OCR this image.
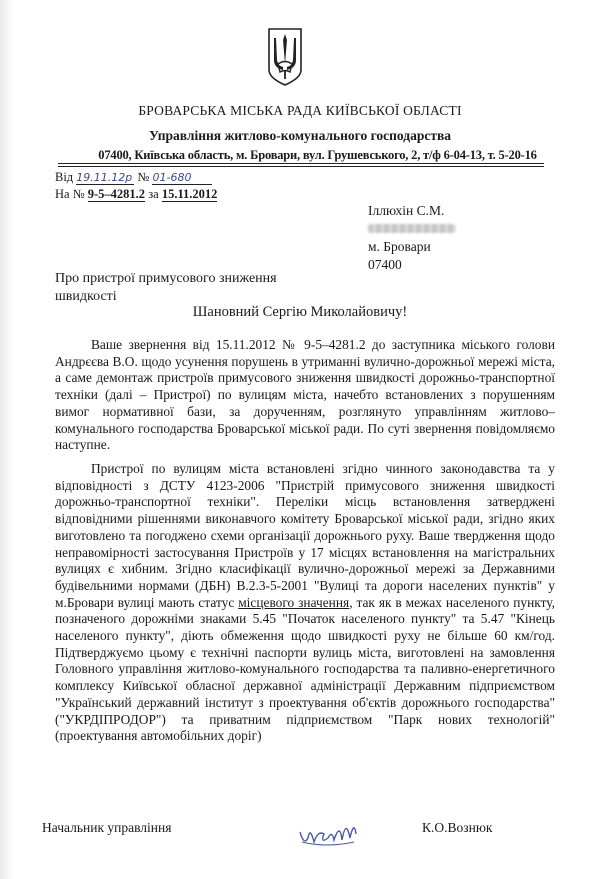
БРОВАРСЬКА МІСЬКА РАДА КИЇВСЬКОЇ ОБЛАСТІ
Управління житлово-комунального господарства
07400, Київська область, м. Бровари, вул. Грушевського, 2, т/ф 6-04-13, т. 5-20-16
Від 19.11.12р № 01-680
На № 9-5–4281.2 за 15.11.2012
Іллюхін С.М.
м. Бровари
07400
Про пристрої примусового зниження швидкості
Шановний Сергію Миколайовичу!

Ваше звернення від 15.11.2012 № 9-5–4281.2 до заступника міського голови Андрєєва В.О. щодо усунення порушень в утриманні вулично-дорожньої мережі міста, а саме демонтаж пристроїв примусового зниження швидкості дорожньо-транспортної техніки (далі – Пристрої) по вулицям міста, начебто встановлених з порушенням вимог нормативної бази, за дорученням, розглянуто управлінням житлово–комунального господарства Броварської міської ради. По суті звернення повідомляємо наступне.

Пристрої по вулицям міста встановлені згідно чинного законодавства та у відповідності з ДСТУ 4123-2006 "Пристрій примусового зниження швидкості дорожньо-транспортної техніки". Переліки місць встановлення затверджені відповідними рішеннями виконавчого комітету Броварської міської ради, згідно яких виготовлено та погоджено схеми організації дорожнього руху. Ваше твердження щодо неправомірності застосування Пристроїв у 17 місцях встановлення на магістральних вулицях є хибним. Згідно класифікації вулично-дорожньої мережі за Державними будівельними нормами (ДБН) В.2.3-5-2001 "Вулиці та дороги населених пунктів" у м.Бровари вулиці мають статус місцевого значення, так як в межах населеного пункту, позначеного дорожніми знаками 5.45 "Початок населеного пункту" та 5.47 "Кінець населеного пункту", діють обмеження щодо швидкості руху не більше 60 км/год. Підтверджуємо цьому є технічні паспорти вулиць міста, виготовлені на замовлення Головного управління житлово-комунального господарства та паливно-енергетичного комплексу Київської обласної державної адміністрації Державним підприємством "Український державний інститут з проектування об'єктів дорожнього господарства" ("УКРДІПРОДОР") та приватним підприємством "Парк нових технологій" (проектування автомобільних доріг)

Начальник управління	К.О.Вознюк
